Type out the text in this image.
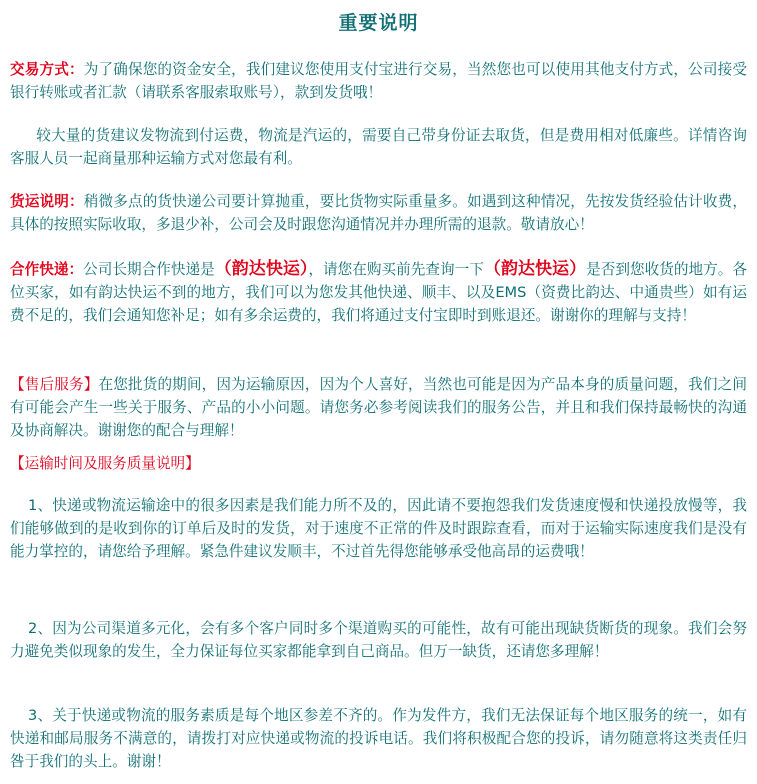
重要说明
交易方式：为了确保您的资金安全，我们建议您使用支付宝进行交易，当然您也可以使用其他支付方式，公司接受银行转账或者汇款（请联系客服索取账号），款到发货哦！
较大量的货建议发物流到付运费，物流是汽运的，需要自己带身份证去取货，但是费用相对低廉些。详情咨询客服人员一起商量那种运输方式对您最有利。
货运说明：稍微多点的货快递公司要计算抛重，要比货物实际重量多。如遇到这种情况，先按发货经验估计收费，具体的按照实际收取，多退少补，公司会及时跟您沟通情况并办理所需的退款。敬请放心！
合作快递：公司长期合作快递是（韵达快运），请您在购买前先查询一下（韵达快运）是否到您收货的地方。各位买家，如有韵达快运不到的地方，我们可以为您发其他快递、顺丰、以及EMS（资费比韵达、中通贵些）如有运费不足的，我们会通知您补足；如有多余运费的，我们将通过支付宝即时到账退还。谢谢你的理解与支持！
【售后服务】在您批货的期间，因为运输原因，因为个人喜好，当然也可能是因为产品本身的质量问题，我们之间有可能会产生一些关于服务、产品的小小问题。请您务必参考阅读我们的服务公告，并且和我们保持最畅快的沟通及协商解决。谢谢您的配合与理解！
【运输时间及服务质量说明】
1、快递或物流运输途中的很多因素是我们能力所不及的，因此请不要抱怨我们发货速度慢和快递投放慢等，我们能够做到的是收到你的订单后及时的发货，对于速度不正常的件及时跟踪查看，而对于运输实际速度我们是没有能力掌控的，请您给予理解。紧急件建议发顺丰，不过首先得您能够承受他高昂的运费哦！
2、因为公司渠道多元化，会有多个客户同时多个渠道购买的可能性，故有可能出现缺货断货的现象。我们会努力避免类似现象的发生，全力保证每位买家都能拿到自己商品。但万一缺货，还请您多理解！
3、关于快递或物流的服务素质是每个地区参差不齐的。作为发件方，我们无法保证每个地区服务的统一，如有快递和邮局服务不满意的，请拨打对应快递或物流的投诉电话。我们将积极配合您的投诉，请勿随意将这类责任归咎于我们的头上。谢谢！
